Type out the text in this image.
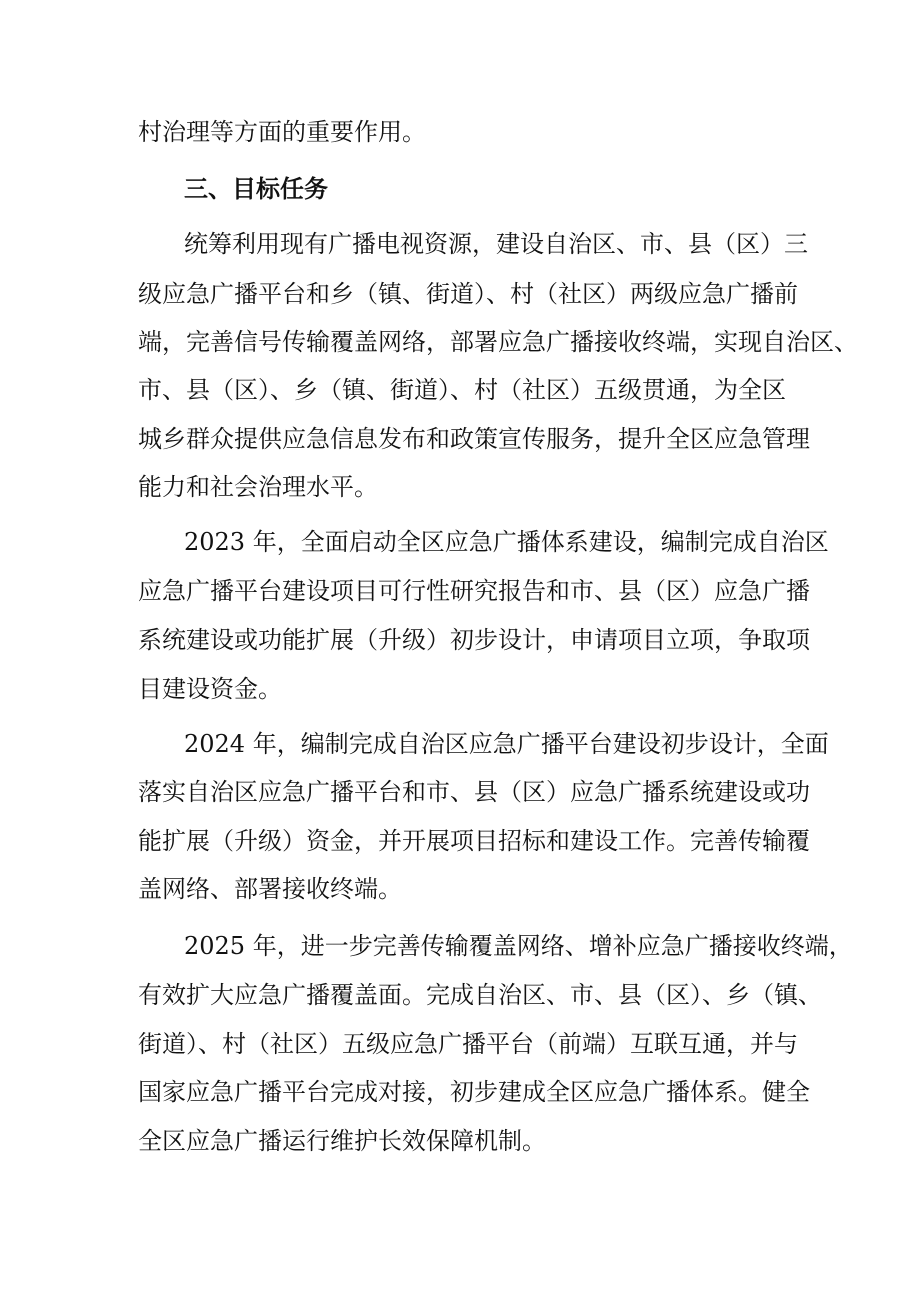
村治理等方面的重要作用。
三、目标任务
统筹利用现有广播电视资源，建设自治区、市、县（区）三
级应急广播平台和乡（镇、街道）、村（社区）两级应急广播前
端，完善信号传输覆盖网络，部署应急广播接收终端，实现自治区、
市、县（区）、乡（镇、街道）、村（社区）五级贯通，为全区
城乡群众提供应急信息发布和政策宣传服务，提升全区应急管理
能力和社会治理水平。
2023 年，全面启动全区应急广播体系建设，编制完成自治区
应急广播平台建设项目可行性研究报告和市、县（区）应急广播
系统建设或功能扩展（升级）初步设计，申请项目立项，争取项
目建设资金。
2024 年，编制完成自治区应急广播平台建设初步设计，全面
落实自治区应急广播平台和市、县（区）应急广播系统建设或功
能扩展（升级）资金，并开展项目招标和建设工作。完善传输覆
盖网络、部署接收终端。
2025 年，进一步完善传输覆盖网络、增补应急广播接收终端，
有效扩大应急广播覆盖面。完成自治区、市、县（区）、乡（镇、
街道）、村（社区）五级应急广播平台（前端）互联互通，并与
国家应急广播平台完成对接，初步建成全区应急广播体系。健全
全区应急广播运行维护长效保障机制。
